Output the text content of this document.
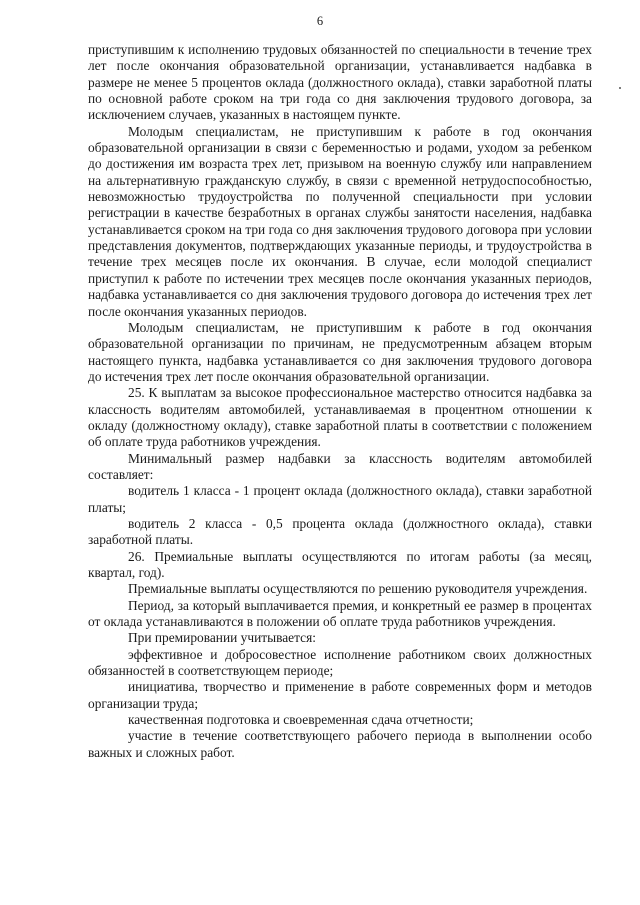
6

приступившим к исполнению трудовых обязанностей по специальности в течение трех лет после окончания образовательной организации, устанавливается надбавка в размере не менее 5 процентов оклада (должностного оклада), ставки заработной платы по основной работе сроком на три года со дня заключения трудового договора, за исключением случаев, указанных в настоящем пункте.

Молодым специалистам, не приступившим к работе в год окончания образовательной организации в связи с беременностью и родами, уходом за ребенком до достижения им возраста трех лет, призывом на военную службу или направлением на альтернативную гражданскую службу, в связи с временной нетрудоспособностью, невозможностью трудоустройства по полученной специальности при условии регистрации в качестве безработных в органах службы занятости населения, надбавка устанавливается сроком на три года со дня заключения трудового договора при условии представления документов, подтверждающих указанные периоды, и трудоустройства в течение трех месяцев после их окончания. В случае, если молодой специалист приступил к работе по истечении трех месяцев после окончания указанных периодов, надбавка устанавливается со дня заключения трудового договора до истечения трех лет после окончания указанных периодов.

Молодым специалистам, не приступившим к работе в год окончания образовательной организации по причинам, не предусмотренным абзацем вторым настоящего пункта, надбавка устанавливается со дня заключения трудового договора до истечения трех лет после окончания образовательной организации.

25. К выплатам за высокое профессиональное мастерство относится надбавка за классность водителям автомобилей, устанавливаемая в процентном отношении к окладу (должностному окладу), ставке заработной платы в соответствии с положением об оплате труда работников учреждения.

Минимальный размер надбавки за классность водителям автомобилей составляет:

водитель 1 класса - 1 процент оклада (должностного оклада), ставки заработной платы;

водитель 2 класса - 0,5 процента оклада (должностного оклада), ставки заработной платы.

26. Премиальные выплаты осуществляются по итогам работы (за месяц, квартал, год).

Премиальные выплаты осуществляются по решению руководителя учреждения.

Период, за который выплачивается премия, и конкретный ее размер в процентах от оклада устанавливаются в положении об оплате труда работников учреждения.

При премировании учитывается:

эффективное и добросовестное исполнение работником своих должностных обязанностей в соответствующем периоде;

инициатива, творчество и применение в работе современных форм и методов организации труда;

качественная подготовка и своевременная сдача отчетности;

участие в течение соответствующего рабочего периода в выполнении особо важных и сложных работ.
